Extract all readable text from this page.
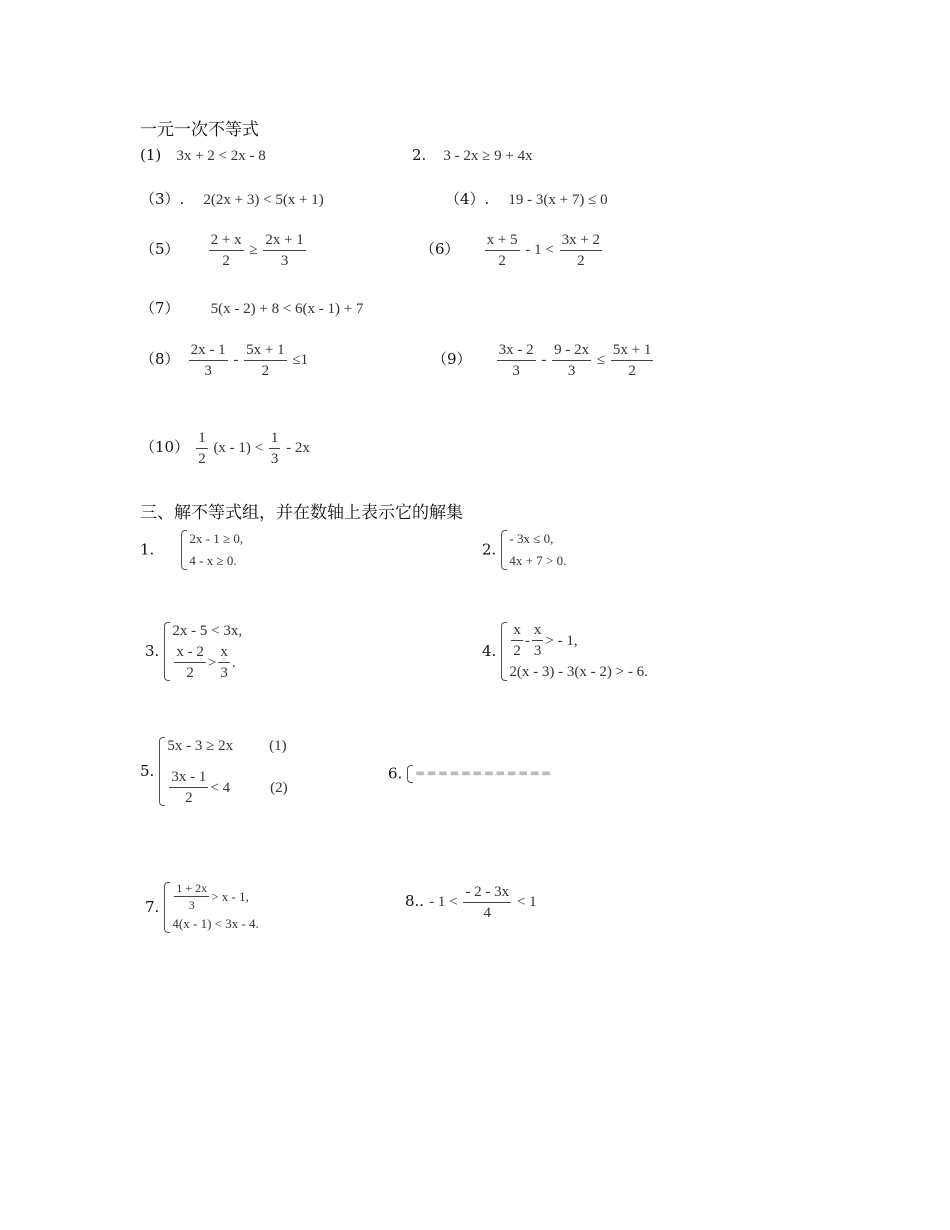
一元一次不等式
(1) 3x + 2 < 2x - 8	2. 3 - 2x ≥ 9 + 4x
（3）. 2(2x + 3) < 5(x + 1)	（4）. 19 - 3(x + 7) ≤ 0
$(5) \frac{2 + x}{2} \ge \frac{2x + 1}{3}$	$(6) \frac{x + 5}{2} - 1 < \frac{3x + 2}{2}$
（7） 5(x - 2) + 8 < 6(x - 1) + 7
$(8) \frac{2x - 1}{3} - \frac{5x + 1}{2} \le 1$	$(9) \frac{3x - 2}{3} - \frac{9 - 2x}{3} \le \frac{5x + 1}{2}$
$(10) \frac{1}{2} (x - 1) < \frac{1}{3} - 2x$
三、解不等式组，并在数轴上表示它的解集
1.
2x - 1 ≥ 0,
4 - x ≥ 0.
2.
- 3x ≤ 0,
4x + 7 > 0.
3.
2x - 5 < 3x,
$\frac{x - 2}{2} > \frac{x}{3}$ .
4. $\frac{x}{2} - \frac{x}{3}$ > - 1,
2(x - 3) - 3(x - 2) > - 6.
5.
5x - 3 ≥ 2x (1)
$\frac{3x - 1}{2} < 4$	(2)
6. ▬▬▬▬▬▬▬▬▬▬▬▬
7. $\frac{1 + 2x}{3} > x - 1$,
4(x - 1) < 3x - 4.
8.. - $1 < \frac{- 2 - 3x}{4} < 1$
